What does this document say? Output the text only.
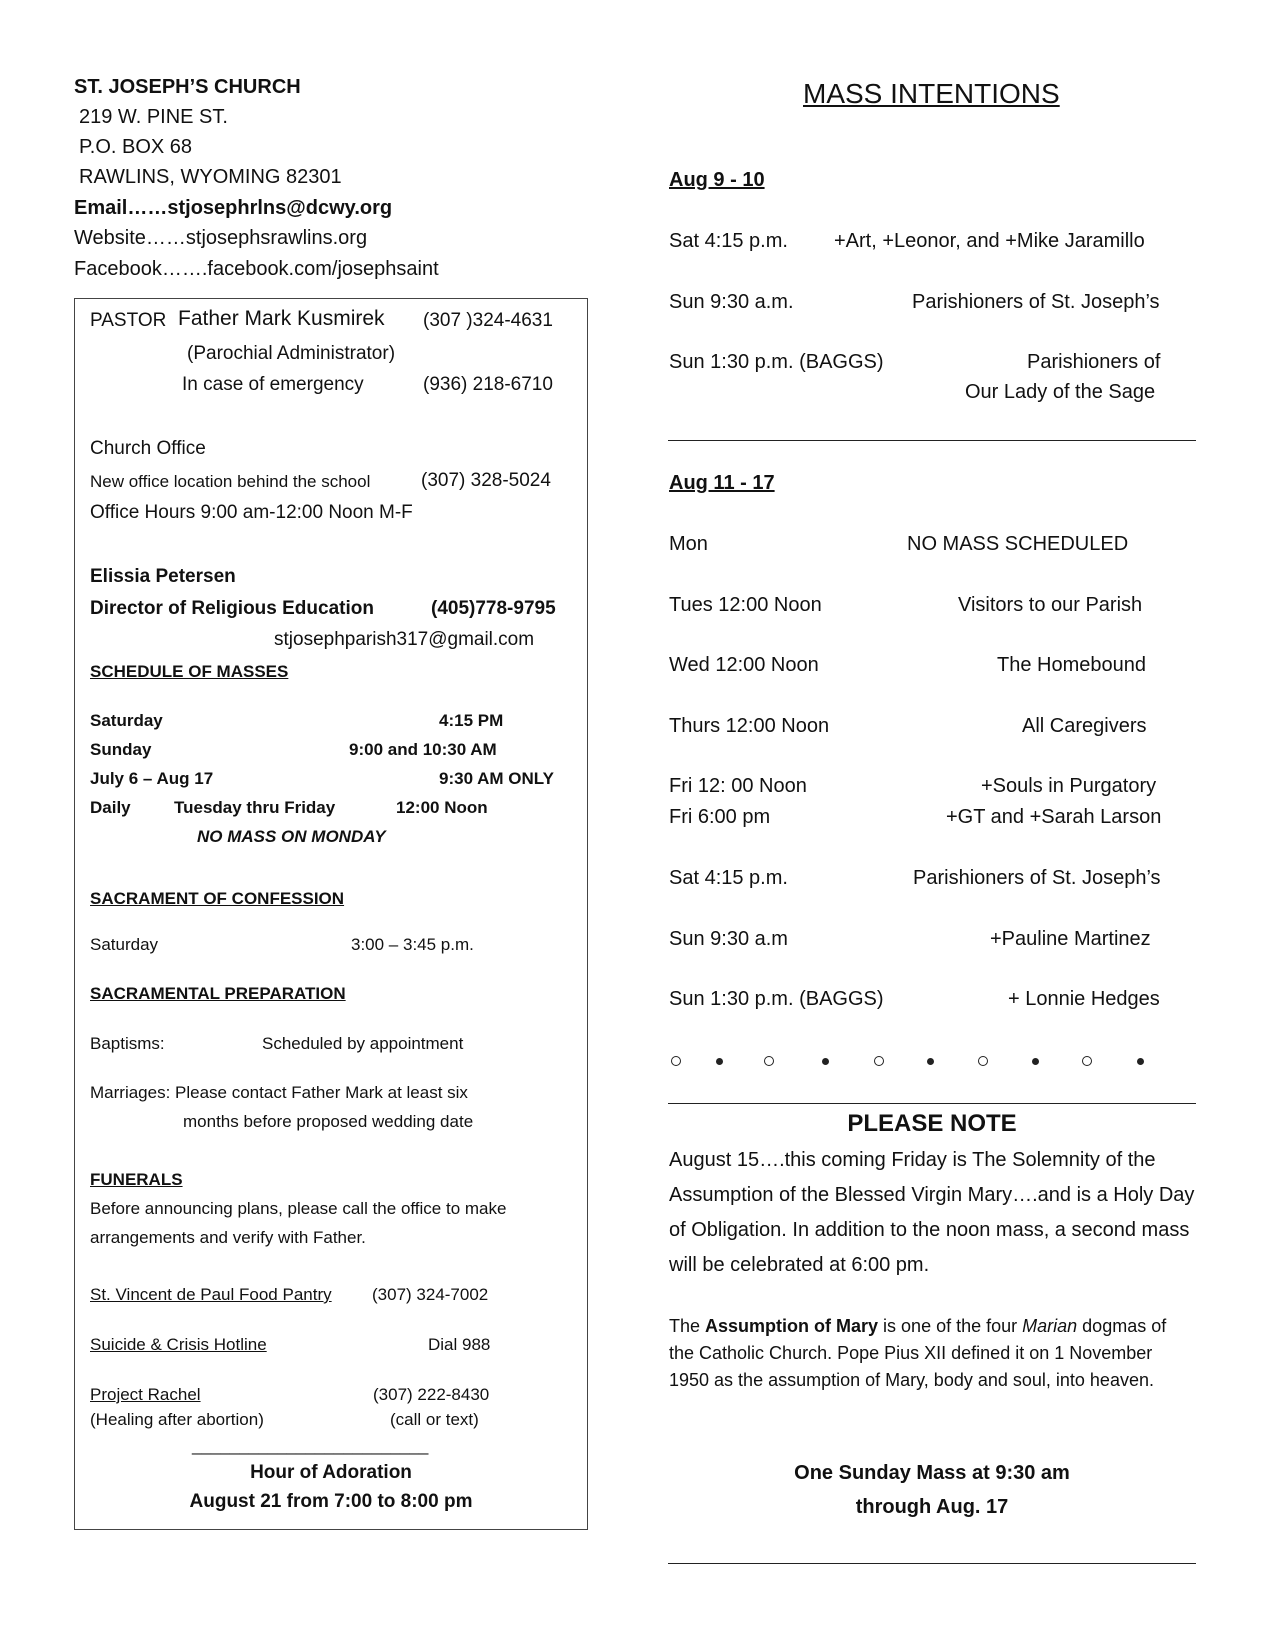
ST. JOSEPH’S CHURCH
219 W. PINE ST.
P.O. BOX 68
RAWLINS, WYOMING 82301
Email……stjosephrlns@dcwy.org
Website……stjosephsrawlins.org
Facebook…….facebook.com/josephsaint
PASTOR Father Mark Kusmirek (307 )324-4631
(Parochial Administrator)
In case of emergency	(936) 218-6710
Church Office
New office location behind the school	(307) 328-5024
Office Hours 9:00 am-12:00 Noon M-F
Elissia Petersen
Director of Religious Education	(405)778-9795
stjosephparish317@gmail.com
SCHEDULE OF MASSES
Saturday	4:15 PM
Sunday	9:00 and 10:30 AM
July 6 – Aug 17	9:30 AM ONLY
Daily	Tuesday thru Friday	12:00 Noon
NO MASS ON MONDAY
SACRAMENT OF CONFESSION
Saturday	3:00 – 3:45 p.m.
SACRAMENTAL PREPARATION
Baptisms:	Scheduled by appointment
Marriages: Please contact Father Mark at least six
months before proposed wedding date
FUNERALS
Before announcing plans, please call the office to make
arrangements and verify with Father.
St. Vincent de Paul Food Pantry (307) 324-7002
Suicide & Crisis Hotline	Dial 988
Project Rachel	(307) 222-8430
(Healing after abortion)	(call or text)
_________________________
Hour of Adoration
August 21 from 7:00 to 8:00 pm
MASS INTENTIONS
Aug 9 - 10
Sat 4:15 p.m. +Art, +Leonor, and +Mike Jaramillo
Sun 9:30 a.m.	Parishioners of St. Joseph’s
Sun 1:30 p.m. (BAGGS)	Parishioners of
Our Lady of the Sage
Aug 11 - 17
Mon	NO MASS SCHEDULED
Tues 12:00 Noon	Visitors to our Parish
Wed 12:00 Noon	The Homebound
Thurs 12:00 Noon	All Caregivers
Fri 12: 00 Noon	+Souls in Purgatory
Fri 6:00 pm	+GT and +Sarah Larson
Sat 4:15 p.m.	Parishioners of St. Joseph’s
Sun 9:30 a.m	+Pauline Martinez
Sun 1:30 p.m. (BAGGS)	+ Lonnie Hedges
PLEASE NOTE
August 15….this coming Friday is The Solemnity of the Assumption of the Blessed Virgin Mary….and is a Holy Day of Obligation. In addition to the noon mass, a second mass will be celebrated at 6:00 pm.
The Assumption of Mary is one of the four Marian dogmas of the Catholic Church. Pope Pius XII defined it on 1 November 1950 as the assumption of Mary, body and soul, into heaven.
One Sunday Mass at 9:30 am
through Aug. 17
